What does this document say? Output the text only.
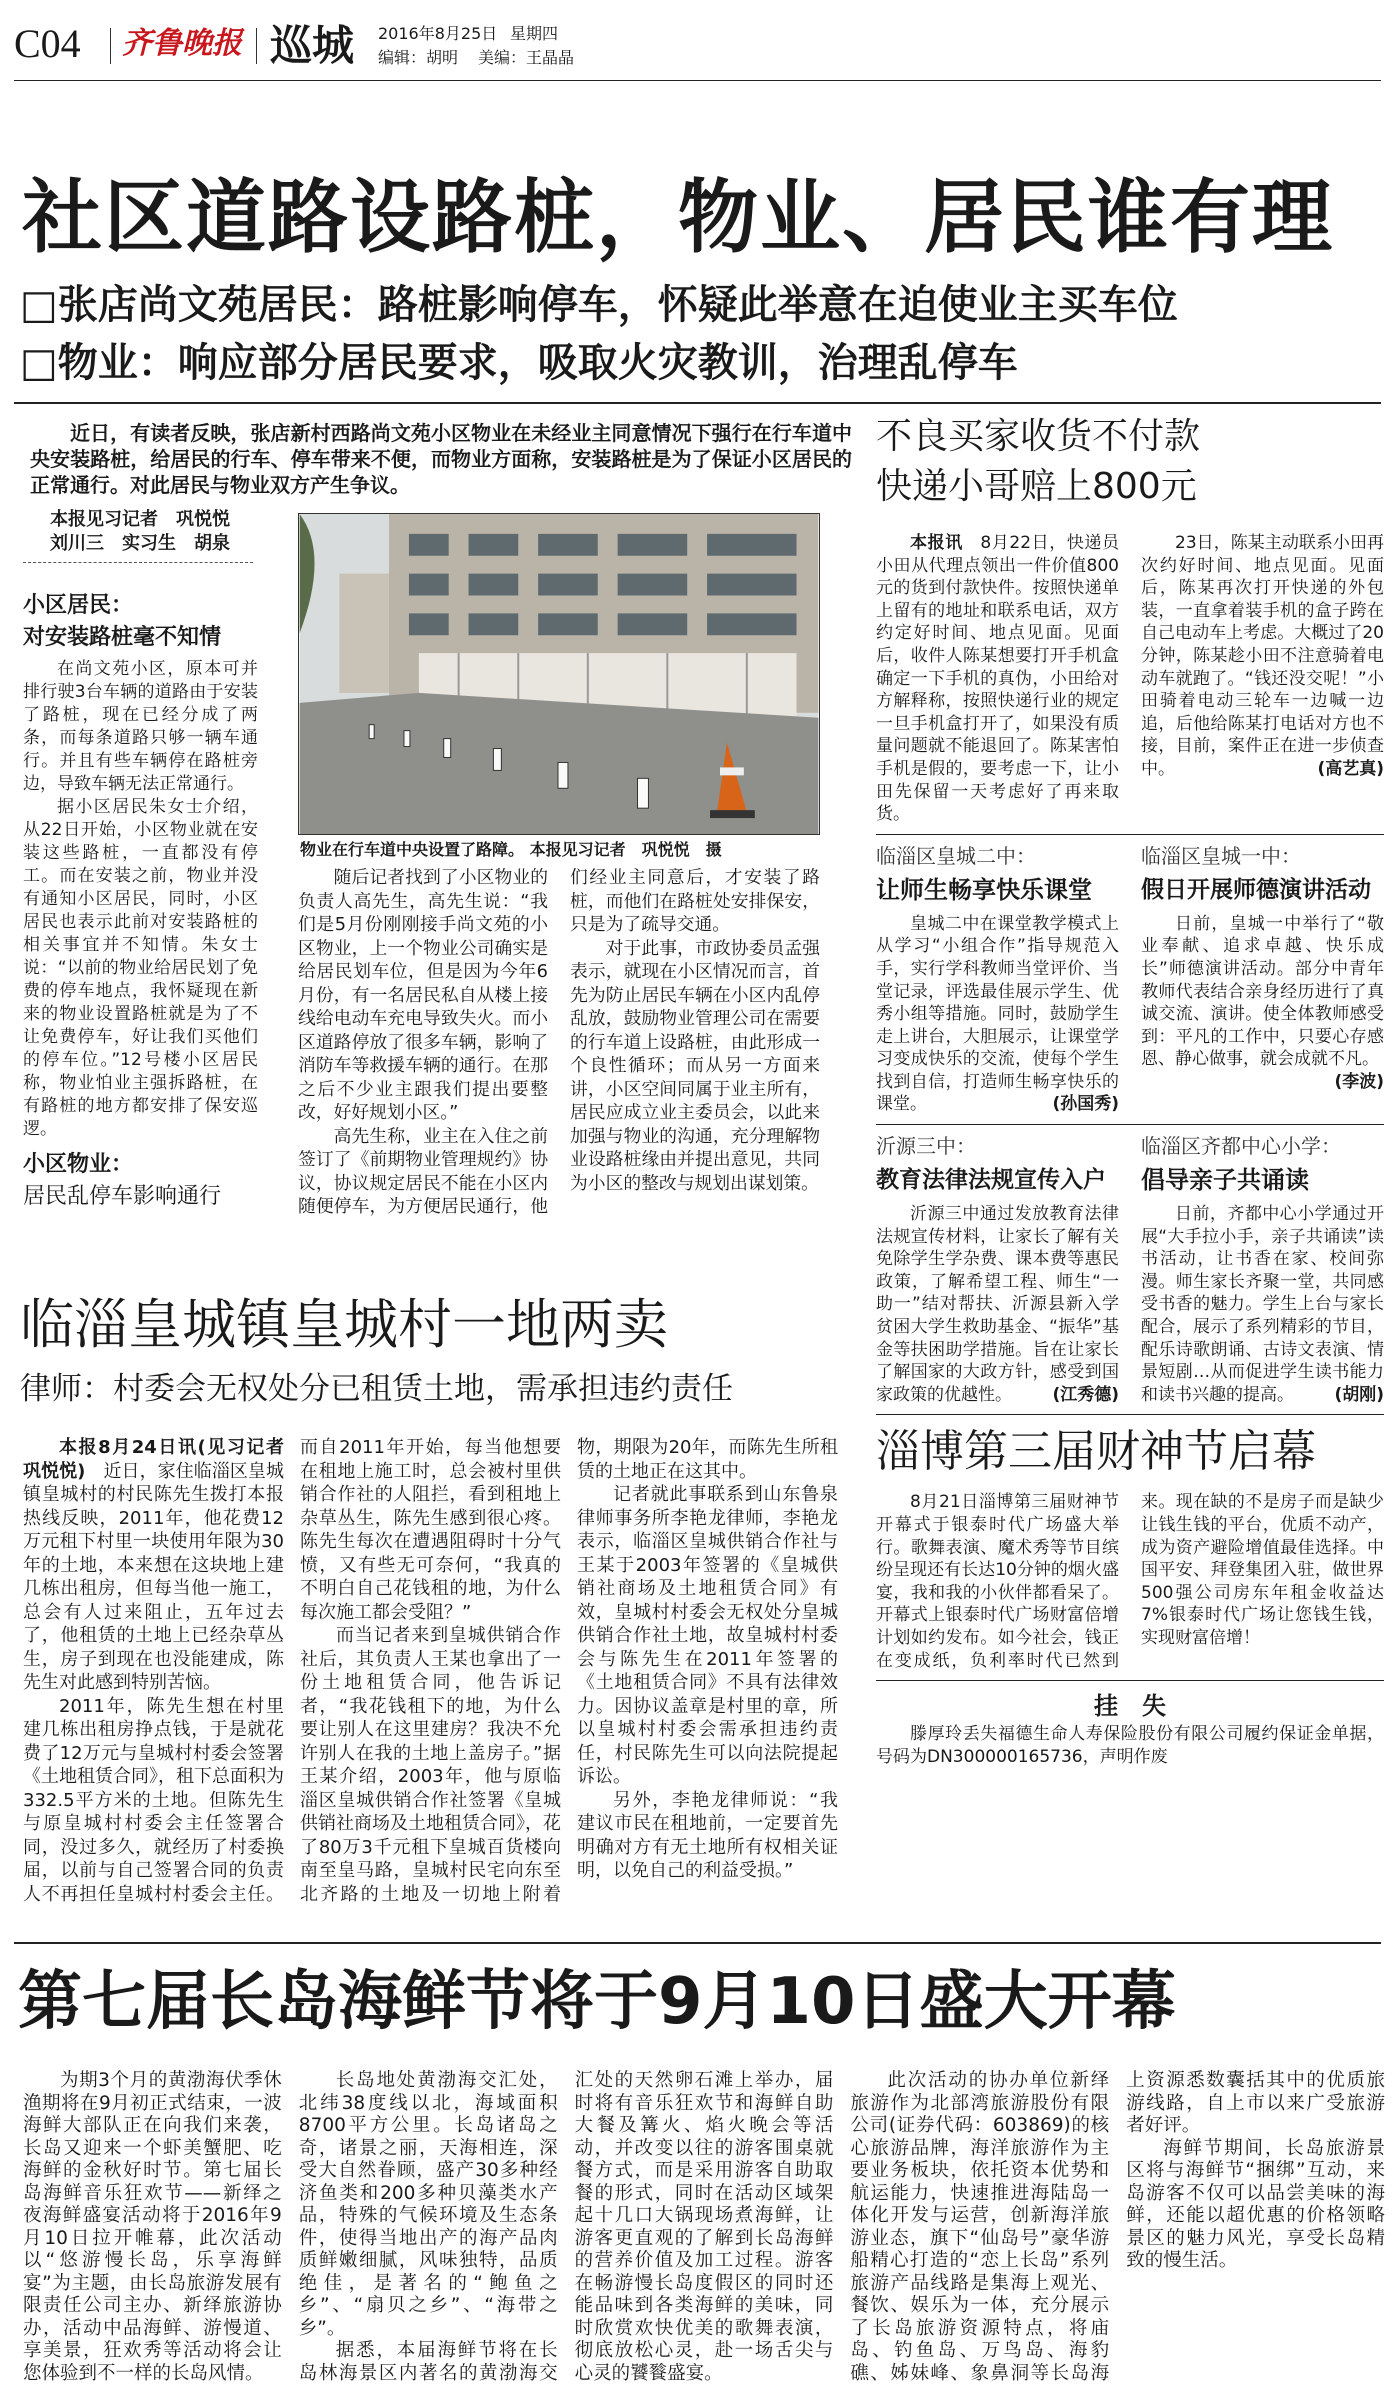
C04 齐鲁晚报 巡城 2016年8月25日 星期四
编辑：胡明 美编：王晶晶
社区道路设路桩，物业、居民谁有理
□张店尚文苑居民：路桩影响停车，怀疑此举意在迫使业主买车位
□物业：响应部分居民要求，吸取火灾教训，治理乱停车

近日，有读者反映，张店新村西路尚文苑小区物业在未经业主同意情况下强行在行车道中央安装路桩，给居民的行车、停车带来不便，而物业方面称，安装路桩是为了保证小区居民的正常通行。对此居民与物业双方产生争议。

本报见习记者　巩悦悦
刘川三　实习生　胡泉
物业在行车道中央设置了路障。 本报见习记者　巩悦悦　摄
小区居民：
对安装路桩毫不知情

在尚文苑小区，原本可并排行驶3台车辆的道路由于安装了路桩，现在已经分成了两条，而每条道路只够一辆车通行。并且有些车辆停在路桩旁边，导致车辆无法正常通行。

据小区居民朱女士介绍，从22日开始，小区物业就在安装这些路桩，一直都没有停工。而在安装之前，物业并没有通知小区居民，同时，小区居民也表示此前对安装路桩的相关事宜并不知情。朱女士说：“以前的物业给居民划了免费的停车地点，我怀疑现在新来的物业设置路桩就是为了不让免费停车，好让我们买他们的停车位。”12号楼小区居民称，物业怕业主强拆路桩，在有路桩的地方都安排了保安巡逻。

小区物业：
居民乱停车影响通行

随后记者找到了小区物业的负责人高先生，高先生说：“我们是5月份刚刚接手尚文苑的小区物业，上一个物业公司确实是给居民划车位，但是因为今年6月份，有一名居民私自从楼上接线给电动车充电导致失火。而小区道路停放了很多车辆，影响了消防车等救援车辆的通行。在那之后不少业主跟我们提出要整改，好好规划小区。”

高先生称，业主在入住之前签订了《前期物业管理规约》协议，协议规定居民不能在小区内随便停车，为方便居民通行，他们经业主同意后，才安装了路桩，而他们在路桩处安排保安，只是为了疏导交通。

对于此事，市政协委员孟强表示，就现在小区情况而言，首先为防止居民车辆在小区内乱停乱放，鼓励物业管理公司在需要的行车道上设路桩，由此形成一个良性循环；而从另一方面来讲，小区空间同属于业主所有，居民应成立业主委员会，以此来加强与物业的沟通，充分理解物业设路桩缘由并提出意见，共同为小区的整改与规划出谋划策。

不良买家收货不付款
快递小哥赔上800元

本报讯　 8月22日，快递员小田从代理点领出一件价值800元的货到付款快件。按照快递单上留有的地址和联系电话，双方约定好时间、地点见面。见面后，收件人陈某想要打开手机盒确定一下手机的真伪，小田给对方解释称，按照快递行业的规定一旦手机盒打开了，如果没有质量问题就不能退回了。陈某害怕手机是假的，要考虑一下，让小田先保留一天考虑好了再来取货。

23日，陈某主动联系小田再次约好时间、地点见面。见面后，陈某再次打开快递的外包装，一直拿着装手机的盒子跨在自己电动车上考虑。大概过了20分钟，陈某趁小田不注意骑着电动车就跑了。“钱还没交呢！”小田骑着电动三轮车一边喊一边追，后他给陈某打电话对方也不接，目前，案件正在进一步侦查中。	(高艺真)

临淄区皇城二中：
让师生畅享快乐课堂

皇城二中在课堂教学模式上从学习“小组合作”指导规范入手，实行学科教师当堂评价、当堂记录，评选最佳展示学生、优秀小组等措施。同时，鼓励学生走上讲台，大胆展示，让课堂学习变成快乐的交流，使每个学生找到自信，打造师生畅享快乐的课堂。	(孙国秀)

临淄区皇城一中：
假日开展师德演讲活动

日前，皇城一中举行了“敬业奉献、追求卓越、快乐成长”师德演讲活动。部分中青年教师代表结合亲身经历进行了真诚交流、演讲。使全体教师感受到：平凡的工作中，只要心存感恩、静心做事，就会成就不凡。
(李波)

沂源三中：
教育法律法规宣传入户

沂源三中通过发放教育法律法规宣传材料，让家长了解有关免除学生学杂费、课本费等惠民政策，了解希望工程、师生“一助一”结对帮扶、沂源县新入学贫困大学生救助基金、“振华”基金等扶困助学措施。旨在让家长了解国家的大政方针，感受到国家政策的优越性。 (江秀德)

临淄区齐都中心小学：
倡导亲子共诵读

日前，齐都中心小学通过开展“大手拉小手，亲子共诵读”读书活动，让书香在家、校间弥漫。师生家长齐聚一堂，共同感受书香的魅力。学生上台与家长配合，展示了系列精彩的节目，配乐诗歌朗诵、古诗文表演、情景短剧…从而促进学生读书能力和读书兴趣的提高。 (胡刚)

淄博第三届财神节启幕

8月21日淄博第三届财神节开幕式于银泰时代广场盛大举行。歌舞表演、魔术秀等节目缤纷呈现还有长达10分钟的烟火盛宴，我和我的小伙伴都看呆了。开幕式上银泰时代广场财富倍增计划如约发布。如今社会，钱正在变成纸，负利率时代已然到来。现在缺的不是房子而是缺少让钱生钱的平台，优质不动产，成为资产避险增值最佳选择。中国平安、拜登集团入驻，做世界500强公司房东年租金收益达7%银泰时代广场让您钱生钱，实现财富倍增！

挂　失

滕厚玲丢失福德生命人寿保险股份有限公司履约保证金单据，号码为DN300000165736，声明作废

临淄皇城镇皇城村一地两卖
律师：村委会无权处分已租赁土地，需承担违约责任

本报8月24日讯(见习记者 巩悦悦)　 近日，家住临淄区皇城镇皇城村的村民陈先生拨打本报热线反映，2011年，他花费12万元租下村里一块使用年限为30年的土地，本来想在这块地上建几栋出租房，但每当他一施工，总会有人过来阻止，五年过去了，他租赁的土地上已经杂草丛生，房子到现在也没能建成，陈先生对此感到特别苦恼。

2011年，陈先生想在村里建几栋出租房挣点钱，于是就花费了12万元与皇城村村委会签署《土地租赁合同》，租下总面积为332.5平方米的土地。但陈先生与原皇城村村委会主任签署合同，没过多久，就经历了村委换届，以前与自己签署合同的负责人不再担任皇城村村委会主任。而自2011年开始，每当他想要在租地上施工时，总会被村里供销合作社的人阻拦，看到租地上杂草丛生，陈先生感到很心疼。陈先生每次在遭遇阻碍时十分气愤，又有些无可奈何，“我真的不明白自己花钱租的地，为什么每次施工都会受阻？”

而当记者来到皇城供销合作社后，其负责人王某也拿出了一份土地租赁合同，他告诉记者，“我花钱租下的地，为什么要让别人在这里建房？我决不允许别人在我的土地上盖房子。”据王某介绍，2003年，他与原临淄区皇城供销合作社签署《皇城供销社商场及土地租赁合同》，花了80万3千元租下皇城百货楼向南至皇马路，皇城村民宅向东至北齐路的土地及一切地上附着物，期限为20年，而陈先生所租赁的土地正在这其中。

记者就此事联系到山东鲁泉律师事务所李艳龙律师，李艳龙表示，临淄区皇城供销合作社与王某于2003年签署的《皇城供销社商场及土地租赁合同》有效，皇城村村委会无权处分皇城供销合作社土地，故皇城村村委会与陈先生在2011年签署的《土地租赁合同》不具有法律效力。因协议盖章是村里的章，所以皇城村村委会需承担违约责任，村民陈先生可以向法院提起诉讼。

另外，李艳龙律师说：“我建议市民在租地前，一定要首先明确对方有无土地所有权相关证明，以免自己的利益受损。”

第七届长岛海鲜节将于9月10日盛大开幕

为期3个月的黄渤海伏季休渔期将在9月初正式结束，一波海鲜大部队正在向我们来袭，长岛又迎来一个虾美蟹肥、吃海鲜的金秋好时节。第七届长岛海鲜音乐狂欢节——新绎之夜海鲜盛宴活动将于2016年9月10日拉开帷幕，此次活动以“悠游慢长岛，乐享海鲜宴”为主题，由长岛旅游发展有限责任公司主办、新绎旅游协办，活动中品海鲜、游慢道、享美景，狂欢秀等活动将会让您体验到不一样的长岛风情。

长岛地处黄渤海交汇处，北纬38度线以北，海域面积8700平方公里。长岛诸岛之奇，诸景之丽，天海相连，深受大自然眷顾，盛产30多种经济鱼类和200多种贝藻类水产品，特殊的气候环境及生态条件，使得当地出产的海产品肉质鲜嫩细腻，风味独特，品质绝佳，是著名的“鲍鱼之乡”、“扇贝之乡”、“海带之乡”。

据悉，本届海鲜节将在长岛林海景区内著名的黄渤海交汇处的天然卵石滩上举办，届时将有音乐狂欢节和海鲜自助大餐及篝火、焰火晚会等活动，并改变以往的游客围桌就餐方式，而是采用游客自助取餐的形式，同时在活动区域架起十几口大锅现场煮海鲜，让游客更直观的了解到长岛海鲜的营养价值及加工过程。游客在畅游慢长岛度假区的同时还能品味到各类海鲜的美味，同时欣赏欢快优美的歌舞表演，彻底放松心灵，赴一场舌尖与心灵的饕餮盛宴。

此次活动的协办单位新绎旅游作为北部湾旅游股份有限公司(证券代码：603869)的核心旅游品牌，海洋旅游作为主要业务板块，依托资本优势和航运能力，快速推进海陆岛一体化开发与运营，创新海洋旅游业态，旗下“仙岛号”豪华游船精心打造的“恋上长岛”系列旅游产品线路是集海上观光、餐饮、娱乐为一体，充分展示了长岛旅游资源特点，将庙岛、钓鱼岛、万鸟岛、海豹礁、姊妹峰、象鼻洞等长岛海上资源悉数囊括其中的优质旅游线路，自上市以来广受旅游者好评。

海鲜节期间，长岛旅游景区将与海鲜节“捆绑”互动，来岛游客不仅可以品尝美味的海鲜，还能以超优惠的价格领略景区的魅力风光，享受长岛精致的慢生活。
